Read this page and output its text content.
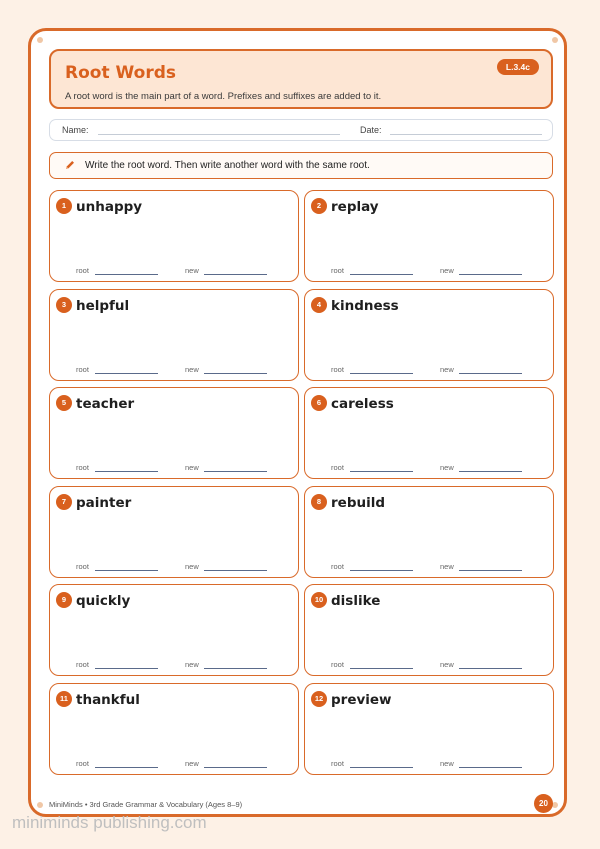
Root Words
A root word is the main part of a word. Prefixes and suffixes are added to it.
L.3.4c
Name:	Date:
Write the root word. Then write another word with the same root.
1 unhappy
root	new
2 replay
root	new
3 helpful
root	new
4 kindness
root	new
5 teacher
root	new
6 careless
root	new
7 painter
root	new
8 rebuild
root	new
9 quickly
root	new
10 dislike
root	new
11 thankful
root	new
12 preview
root	new
MiniMinds • 3rd Grade Grammar & Vocabulary (Ages 8–9)	20
miniminds publishing.com
